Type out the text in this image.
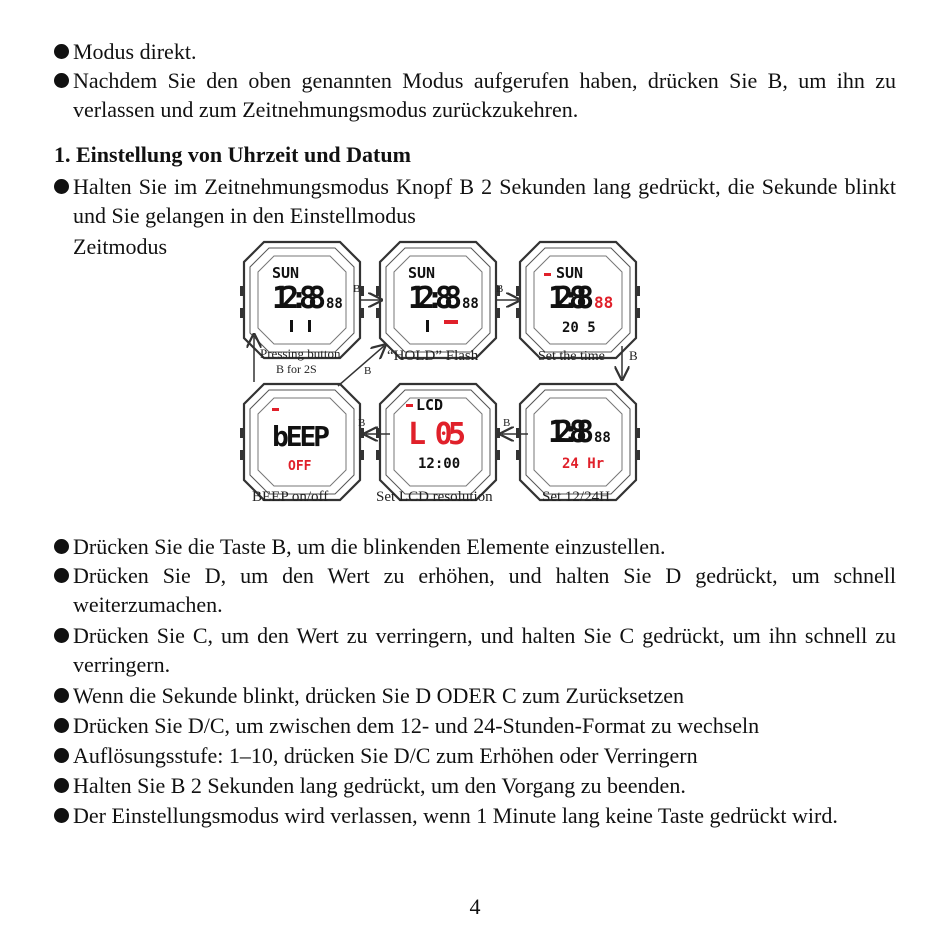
Modus direkt.
Nachdem Sie den oben genannten Modus aufgerufen haben, drücken Sie B, um ihn zu verlassen und zum Zeitnehmungsmodus zurückzukehren.
1. Einstellung von Uhrzeit und Datum
Halten Sie im Zeitnehmungsmodus Knopf B 2 Sekunden lang gedrückt, die Sekunde blinkt und Sie gelangen in den Einstellmodus
Zeitmodus
SUN
12:88 88
SUN
12:88 88
SUN
12:88 88
20 5
12:88 88
24 Hr
LCD
L 05
12:00
bEEP
OFF
B	B
B
B
B
B
Pressing button
B for 2S
“HOLD” Flash	Set the time
BEEP on/off	Set LCD resolution	Set 12/24H
Drücken Sie die Taste B, um die blinkenden Elemente einzustellen.
Drücken Sie D, um den Wert zu erhöhen, und halten Sie D gedrückt, um schnell weiterzumachen.
Drücken Sie C, um den Wert zu verringern, und halten Sie C gedrückt, um ihn schnell zu verringern.
Wenn die Sekunde blinkt, drücken Sie D ODER C zum Zurücksetzen
Drücken Sie D/C, um zwischen dem 12- und 24-Stunden-Format zu wechseln
Auflösungsstufe: 1–10, drücken Sie D/C zum Erhöhen oder Verringern
Halten Sie B 2 Sekunden lang gedrückt, um den Vorgang zu beenden.
Der Einstellungsmodus wird verlassen, wenn 1 Minute lang keine Taste gedrückt wird.
4
